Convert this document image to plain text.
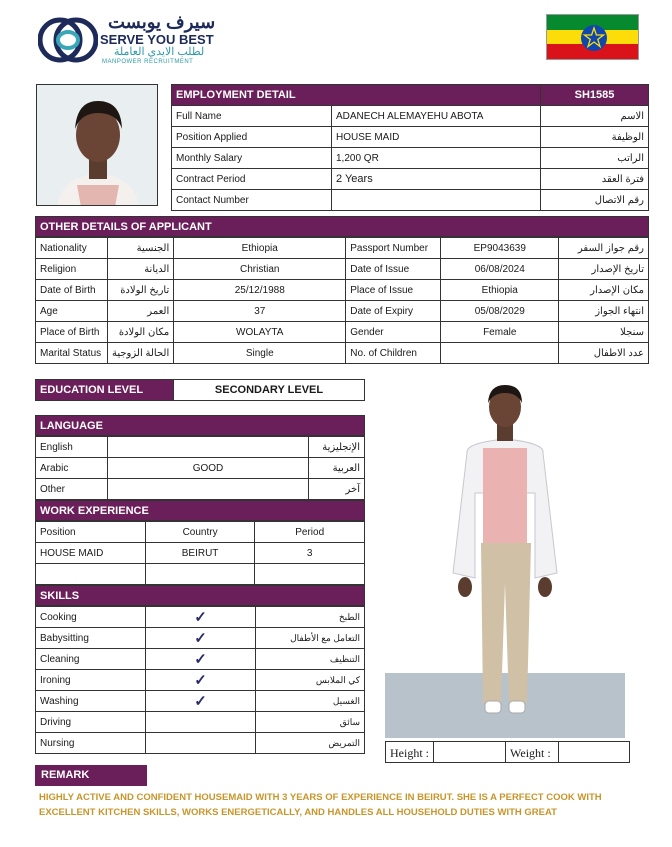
سيرف يوبست
SERVE YOU BEST
لطلب الايدي العاملة
MANPOWER RECRUITMENT
EMPLOYMENT DETAIL		SH1585
Full Name	ADANECH ALEMAYEHU ABOTA	الاسم
Position Applied	HOUSE MAID	الوظيفة
Monthly Salary	1,200 QR	الراتب
Contract Period	2 Years	فترة العقد
Contact Number		رقم الاتصال
OTHER DETAILS OF APPLICANT
Nationality	الجنسية	Ethiopia	Passport Number	EP9043639	رقم جواز السفر
Religion	الديانة	Christian	Date of Issue	06/08/2024	تاريخ الإصدار
Date of Birth	تاريخ الولادة	25/12/1988	Place of Issue	Ethiopia	مكان الإصدار
Age	العمر	37	Date of Expiry	05/08/2029	انتهاء الجواز
Place of Birth	مكان الولادة	WOLAYTA	Gender	Female	سنجلا
Marital Status	الحالة الزوجية	Single	No. of Children		عدد الاطفال
EDUCATION LEVEL	SECONDARY LEVEL
LANGUAGE
English		الإنجليزية
Arabic	GOOD	العربية
Other		آخر
WORK EXPERIENCE
Position	Country	Period
HOUSE MAID	BEIRUT	3

SKILLS
Cooking	✓	الطبخ
Babysitting	✓	التعامل مع الأطفال
Cleaning	✓	التنظيف
Ironing	✓	كي الملابس
Washing	✓	الغسيل
Driving		سائق
Nursing		التمريض
Height :	Weight :
REMARK
HIGHLY ACTIVE AND CONFIDENT HOUSEMAID WITH 3 YEARS OF EXPERIENCE IN BEIRUT. SHE IS A PERFECT COOK WITH EXCELLENT KITCHEN SKILLS, WORKS ENERGETICALLY, AND HANDLES ALL HOUSEHOLD DUTIES WITH GREAT
